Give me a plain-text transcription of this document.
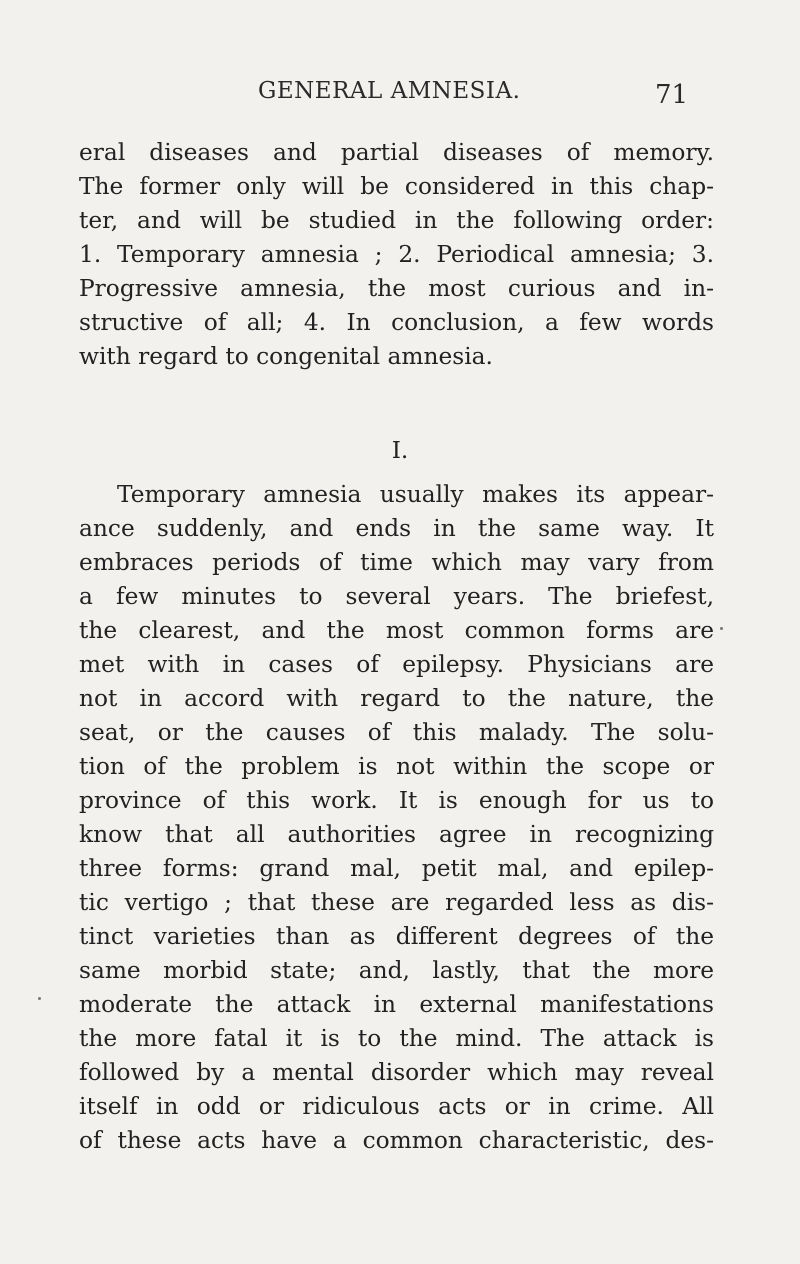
GENERAL AMNESIA.	71
eral diseases and partial diseases of memory.
The former only will be considered in this chap-
ter, and will be studied in the following order:
1. Temporary amnesia ; 2. Periodical amnesia; 3.
Progressive amnesia, the most curious and in-
structive of all; 4. In conclusion, a few words
with regard to congenital amnesia.
I.
Temporary amnesia usually makes its appear-
ance suddenly, and ends in the same way. It
embraces periods of time which may vary from
a few minutes to several years. The briefest,
the clearest, and the most common forms are
met with in cases of epilepsy. Physicians are
not in accord with regard to the nature, the
seat, or the causes of this malady. The solu-
tion of the problem is not within the scope or
province of this work. It is enough for us to
know that all authorities agree in recognizing
three forms: grand mal, petit mal, and epilep-
tic vertigo ; that these are regarded less as dis-
tinct varieties than as different degrees of the
same morbid state; and, lastly, that the more
moderate the attack in external manifestations
the more fatal it is to the mind. The attack is
followed by a mental disorder which may reveal
itself in odd or ridiculous acts or in crime. All
of these acts have a common characteristic, des-
